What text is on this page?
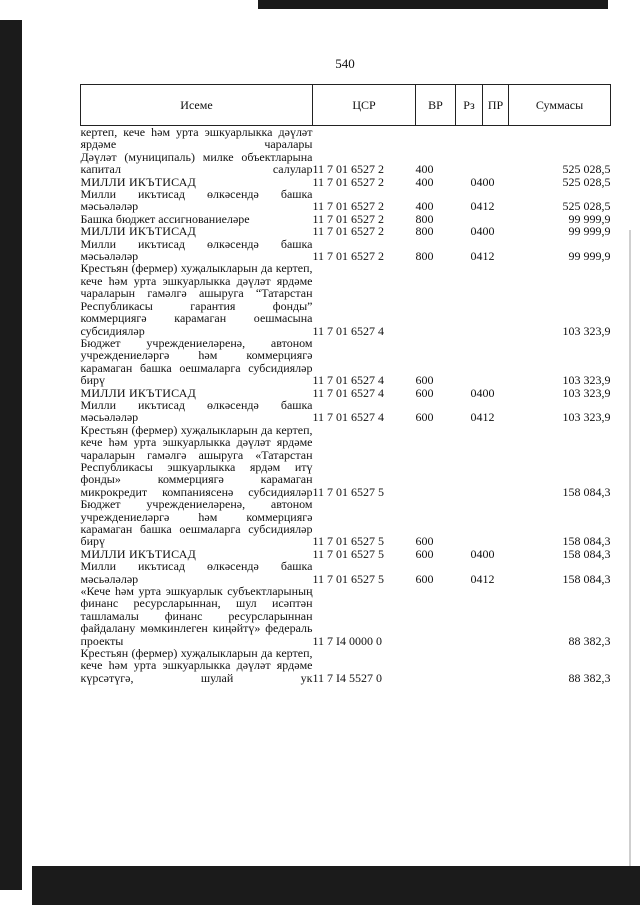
540
Исеме	ЦСР	ВР	Рз	ПР	Суммасы
кертеп, кече һәм урта эшкуарлыкка дәүләт ярдәме чаралары					
Дәүләт (муниципаль) милке объектларына капитал салулар	11 7 01 6527 2	400			525 028,5
МИЛЛИ ИКЪТИСАД	11 7 01 6527 2	400	04	00	525 028,5
Милли икътисад өлкәсендә башка мәсьәләләр	11 7 01 6527 2	400	04	12	525 028,5
Башка бюджет ассигнованиеләре	11 7 01 6527 2	800			99 999,9
МИЛЛИ ИКЪТИСАД	11 7 01 6527 2	800	04	00	99 999,9
Милли икътисад өлкәсендә башка мәсьәләләр	11 7 01 6527 2	800	04	12	99 999,9
Крестьян (фермер) хуҗалыкларын да кертеп, кече һәм урта эшкуарлыкка дәүләт ярдәме чараларын гамәлгә ашыруга “Татарстан Республикасы гарантия фонды” коммерциягә карамаган оешмасына субсидияләр	11 7 01 6527 4				103 323,9
Бюджет учреждениеләренә, автоном учреждениеләргә һәм коммерциягә карамаган башка оешмаларга субсидияләр бирү	11 7 01 6527 4	600			103 323,9
МИЛЛИ ИКЪТИСАД	11 7 01 6527 4	600	04	00	103 323,9
Милли икътисад өлкәсендә башка мәсьәләләр	11 7 01 6527 4	600	04	12	103 323,9
Крестьян (фермер) хуҗалыкларын да кертеп, кече һәм урта эшкуарлыкка дәүләт ярдәме чараларын гамәлгә ашыруга «Татарстан Республикасы эшкуарлыкка ярдәм итү фонды» коммерциягә карамаган микрокредит компаниясенә субсидияләр	11 7 01 6527 5				158 084,3
Бюджет учреждениеләренә, автоном учреждениеләргә һәм коммерциягә карамаган башка оешмаларга субсидияләр бирү	11 7 01 6527 5	600			158 084,3
МИЛЛИ ИКЪТИСАД	11 7 01 6527 5	600	04	00	158 084,3
Милли икътисад өлкәсендә башка мәсьәләләр	11 7 01 6527 5	600	04	12	158 084,3
«Кече һәм урта эшкуарлык субъектларының финанс ресурсларыннан, шул исәптән ташламалы финанс ресурсларыннан файдалану мөмкинлеген киңәйтү» федераль проекты	11 7 I4 0000 0				88 382,3
Крестьян (фермер) хуҗалыкларын да кертеп, кече һәм урта эшкуарлыкка дәүләт ярдәме күрсәтүгә, шулай ук	11 7 I4 5527 0				88 382,3
